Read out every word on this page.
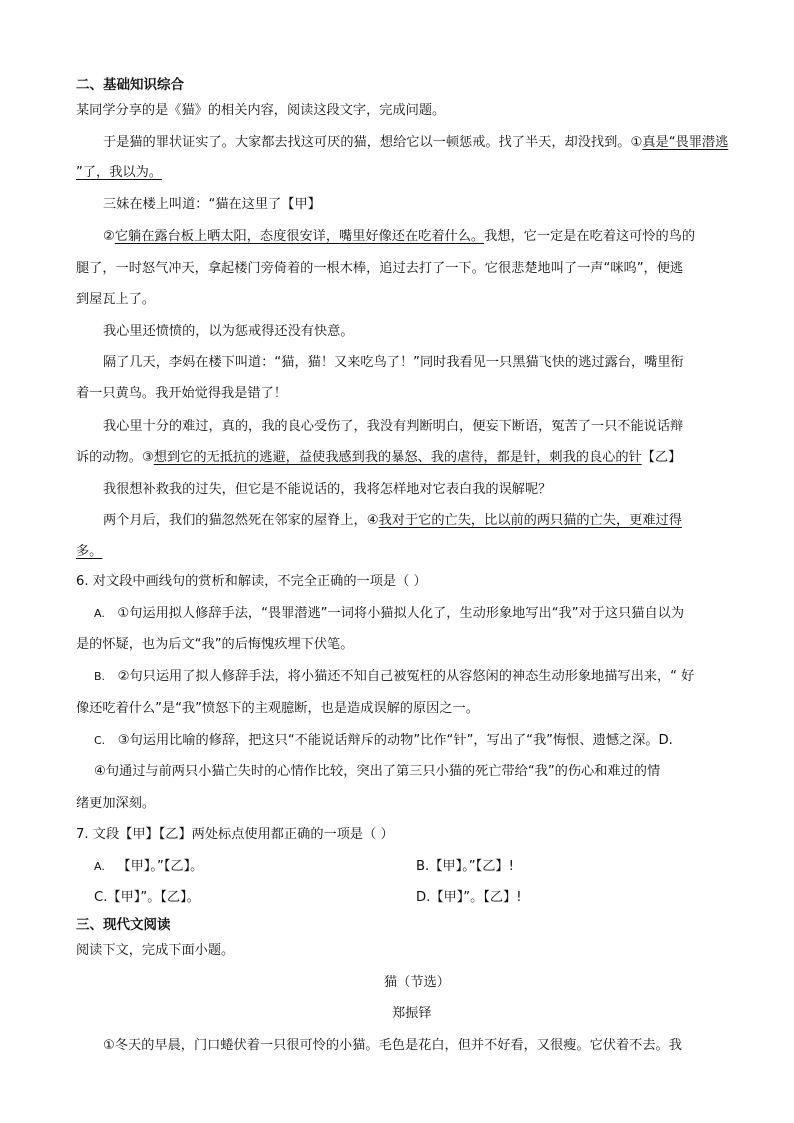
二、基础知识综合
某同学分享的是《猫》的相关内容，阅读这段文字，完成问题。
于是猫的罪状证实了。大家都去找这可厌的猫，想给它以一顿惩戒。找了半天，却没找到。①真是“畏罪潜逃
”了，我以为。
三妹在楼上叫道：“猫在这里了【甲】
②它躺在露台板上晒太阳，态度很安详，嘴里好像还在吃着什么。我想，它一定是在吃着这可怜的鸟的
腿了，一时怒气冲天，拿起楼门旁倚着的一根木棒，追过去打了一下。它很悲楚地叫了一声“咪呜”，便逃
到屋瓦上了。
我心里还愤愤的，以为惩戒得还没有快意。
隔了几天，李妈在楼下叫道：“猫，猫！又来吃鸟了！”同时我看见一只黑猫飞快的逃过露台，嘴里衔
着一只黄鸟。我开始觉得我是错了！
我心里十分的难过，真的，我的良心受伤了，我没有判断明白，便妄下断语，冤苦了一只不能说话辩
诉的动物。③想到它的无抵抗的逃避，益使我感到我的暴怒、我的虐待，都是针，刺我的良心的针【乙】
我很想补救我的过失，但它是不能说话的，我将怎样地对它表白我的误解呢？
两个月后，我们的猫忽然死在邻家的屋脊上，④我对于它的亡失，比以前的两只猫的亡失，更难过得
多。
6. 对文段中画线句的赏析和解读，不完全正确的一项是（ ）
A. ①句运用拟人修辞手法，“畏罪潜逃”一词将小猫拟人化了，生动形象地写出“我”对于这只猫自以为
是的怀疑，也为后文“我”的后悔愧疚埋下伏笔。
B. ②句只运用了拟人修辞手法，将小猫还不知自己被冤枉的从容悠闲的神态生动形象地描写出来，“ 好
像还吃着什么”是“我”愤怒下的主观臆断，也是造成误解的原因之一。
C. ③句运用比喻的修辞，把这只“不能说话辩斥的动物”比作“针”，写出了“我”悔恨、遗憾之深。D.
④句通过与前两只小猫亡失时的心情作比较，突出了第三只小猫的死亡带给“我”的伤心和难过的情
绪更加深刻。
7. 文段【甲】【乙】两处标点使用都正确的一项是（ ）
A. 【甲】。”【乙】。	B.【甲】。”【乙】!
C.【甲】”。【乙】。	D.【甲】”。【乙】!
三、现代文阅读
阅读下文，完成下面小题。
猫（节选）
郑振铎
①冬天的早晨，门口蜷伏着一只很可怜的小猫。毛色是花白，但并不好看，又很瘦。它伏着不去。我
